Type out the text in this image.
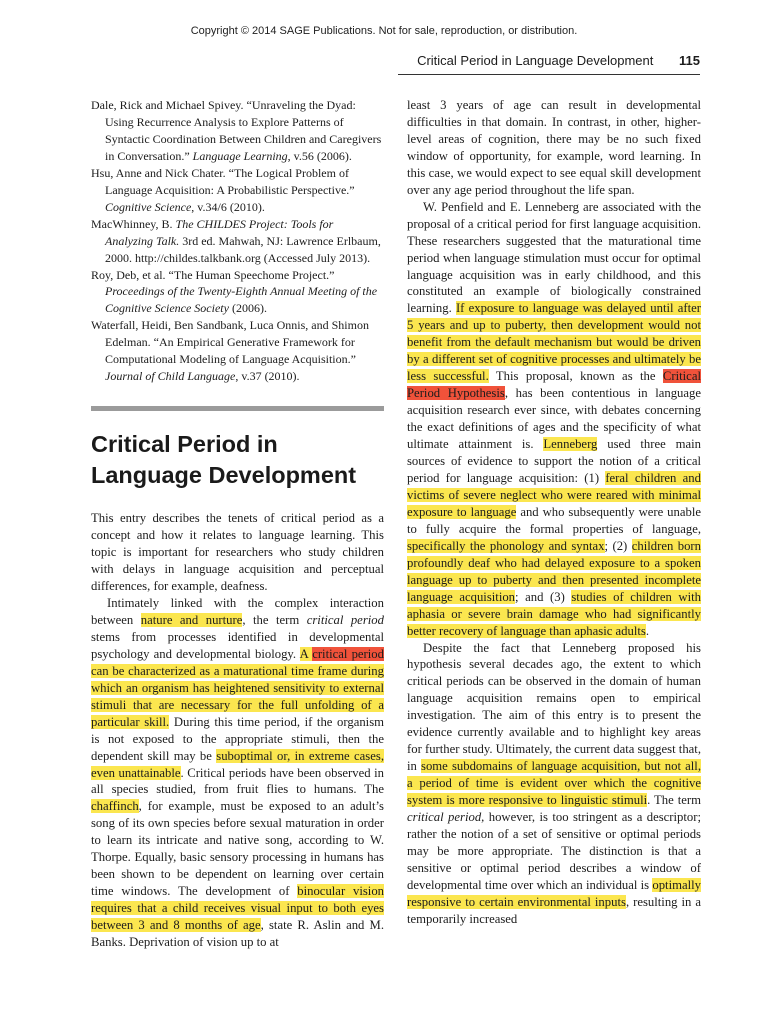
Copyright © 2014 SAGE Publications. Not for sale, reproduction, or distribution.
Critical Period in Language Development 115

Dale, Rick and Michael Spivey. “Unraveling the Dyad: Using Recurrence Analysis to Explore Patterns of Syntactic Coordination Between Children and Caregivers in Conversation.” Language Learning, v.56 (2006).

Hsu, Anne and Nick Chater. “The Logical Problem of Language Acquisition: A Probabilistic Perspective.” Cognitive Science, v.34/6 (2010).

MacWhinney, B. The CHILDES Project: Tools for Analyzing Talk. 3rd ed. Mahwah, NJ: Lawrence Erlbaum, 2000. http://childes.talkbank.org (Accessed July 2013).

Roy, Deb, et al. “The Human Speechome Project.” Proceedings of the Twenty-Eighth Annual Meeting of the Cognitive Science Society (2006).

Waterfall, Heidi, Ben Sandbank, Luca Onnis, and Shimon Edelman. “An Empirical Generative Framework for Computational Modeling of Language Acquisition.” Journal of Child Language, v.37 (2010).

Critical Period in Language Development

This entry describes the tenets of critical period as a concept and how it relates to language learning. This topic is important for researchers who study children with delays in language acquisition and perceptual differences, for example, deafness.

Intimately linked with the complex interaction between nature and nurture, the term critical period stems from processes identified in developmental psychology and developmental biology. A critical period can be characterized as a maturational time frame during which an organism has heightened sensitivity to external stimuli that are necessary for the full unfolding of a particular skill. During this time period, if the organism is not exposed to the appropriate stimuli, then the dependent skill may be suboptimal or, in extreme cases, even unattainable. Critical periods have been observed in all species studied, from fruit flies to humans. The chaffinch, for example, must be exposed to an adult’s song of its own species before sexual maturation in order to learn its intricate and native song, according to W. Thorpe. Equally, basic sensory processing in humans has been shown to be dependent on learning over certain time windows. The development of binocular vision requires that a child receives visual input to both eyes between 3 and 8 months of age, state R. Aslin and M. Banks. Deprivation of vision up to at

least 3 years of age can result in developmental difficulties in that domain. In contrast, in other, higher-level areas of cognition, there may be no such fixed window of opportunity, for example, word learning. In this case, we would expect to see equal skill development over any age period throughout the life span.

W. Penfield and E. Lenneberg are associated with the proposal of a critical period for first language acquisition. These researchers suggested that the maturational time period when language stimulation must occur for optimal language acquisition was in early childhood, and this constituted an example of biologically constrained learning. If exposure to language was delayed until after 5 years and up to puberty, then development would not benefit from the default mechanism but would be driven by a different set of cognitive processes and ultimately be less successful. This proposal, known as the Critical Period Hypothesis, has been contentious in language acquisition research ever since, with debates concerning the exact definitions of ages and the specificity of what ultimate attainment is. Lenneberg used three main sources of evidence to support the notion of a critical period for language acquisition: (1) feral children and victims of severe neglect who were reared with minimal exposure to language and who subsequently were unable to fully acquire the formal properties of language, specifically the phonology and syntax; (2) children born profoundly deaf who had delayed exposure to a spoken language up to puberty and then presented incomplete language acquisition; and (3) studies of children with aphasia or severe brain damage who had significantly better recovery of language than aphasic adults.

Despite the fact that Lenneberg proposed his hypothesis several decades ago, the extent to which critical periods can be observed in the domain of human language acquisition remains open to empirical investigation. The aim of this entry is to present the evidence currently available and to highlight key areas for further study. Ultimately, the current data suggest that, in some subdomains of language acquisition, but not all, a period of time is evident over which the cognitive system is more responsive to linguistic stimuli. The term critical period, however, is too stringent as a descriptor; rather the notion of a set of sensitive or optimal periods may be more appropriate. The distinction is that a sensitive or optimal period describes a window of developmental time over which an individual is optimally responsive to certain environmental inputs, resulting in a temporarily increased
